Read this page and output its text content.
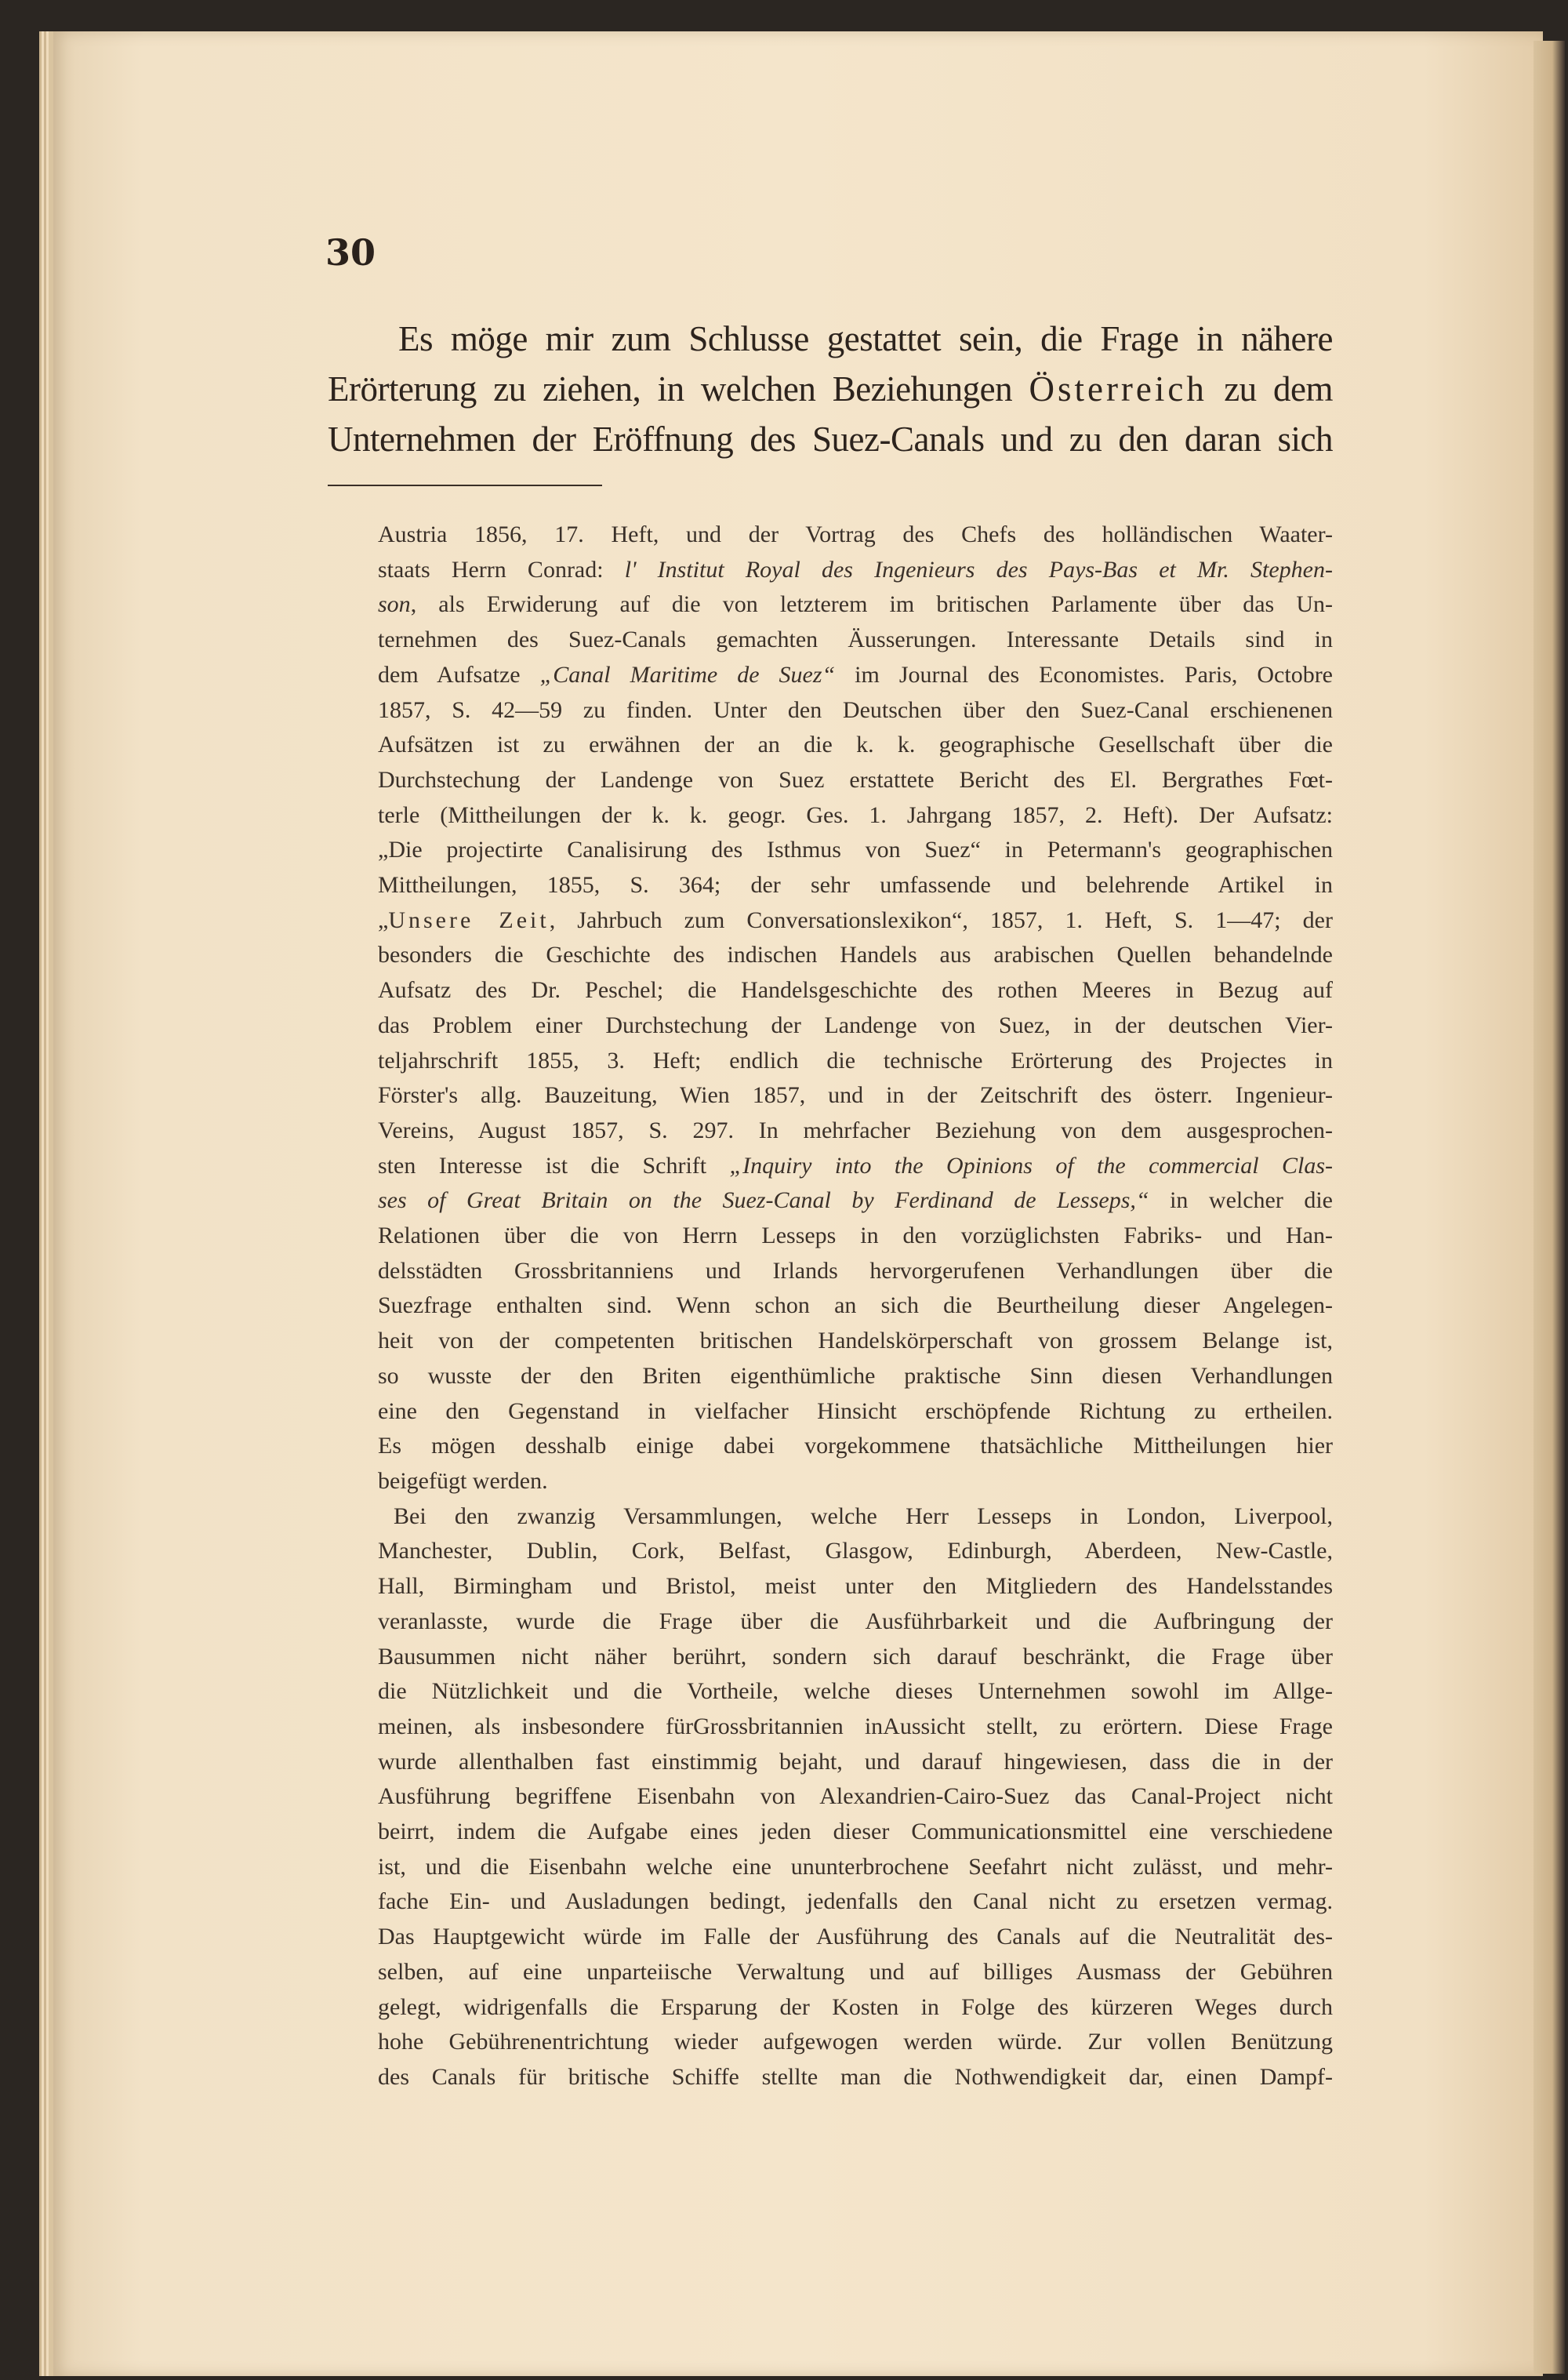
30
Es möge mir zum Schlusse gestattet sein, die Frage in nähere
Erörterung zu ziehen, in welchen Beziehungen Österreich zu dem
Unternehmen der Eröffnung des Suez-Canals und zu den daran sich
Austria 1856, 17. Heft, und der Vortrag des Chefs des holländischen Waater-
staats Herrn Conrad: l' Institut Royal des Ingenieurs des Pays-Bas et Mr. Stephen-
son, als Erwiderung auf die von letzterem im britischen Parlamente über das Un-
ternehmen des Suez-Canals gemachten Äusserungen. Interessante Details sind in
dem Aufsatze „Canal Maritime de Suez“ im Journal des Economistes. Paris, Octobre
1857, S. 42—59 zu finden. Unter den Deutschen über den Suez-Canal erschienenen
Aufsätzen ist zu erwähnen der an die k. k. geographische Gesellschaft über die
Durchstechung der Landenge von Suez erstattete Bericht des El. Bergrathes Fœt-
terle (Mittheilungen der k. k. geogr. Ges. 1. Jahrgang 1857, 2. Heft). Der Aufsatz:
„Die projectirte Canalisirung des Isthmus von Suez“ in Petermann's geographischen
Mittheilungen, 1855, S. 364; der sehr umfassende und belehrende Artikel in
„Unsere Zeit, Jahrbuch zum Conversationslexikon“, 1857, 1. Heft, S. 1—47; der
besonders die Geschichte des indischen Handels aus arabischen Quellen behandelnde
Aufsatz des Dr. Peschel; die Handelsgeschichte des rothen Meeres in Bezug auf
das Problem einer Durchstechung der Landenge von Suez, in der deutschen Vier-
teljahrschrift 1855, 3. Heft; endlich die technische Erörterung des Projectes in
Förster's allg. Bauzeitung, Wien 1857, und in der Zeitschrift des österr. Ingenieur-
Vereins, August 1857, S. 297. In mehrfacher Beziehung von dem ausgesprochen-
sten Interesse ist die Schrift „Inquiry into the Opinions of the commercial Clas-
ses of Great Britain on the Suez-Canal by Ferdinand de Lesseps,“ in welcher die
Relationen über die von Herrn Lesseps in den vorzüglichsten Fabriks- und Han-
delsstädten Grossbritanniens und Irlands hervorgerufenen Verhandlungen über die
Suezfrage enthalten sind. Wenn schon an sich die Beurtheilung dieser Angelegen-
heit von der competenten britischen Handelskörperschaft von grossem Belange ist,
so wusste der den Briten eigenthümliche praktische Sinn diesen Verhandlungen
eine den Gegenstand in vielfacher Hinsicht erschöpfende Richtung zu ertheilen.
Es mögen desshalb einige dabei vorgekommene thatsächliche Mittheilungen hier
beigefügt werden.
Bei den zwanzig Versammlungen, welche Herr Lesseps in London, Liverpool,
Manchester, Dublin, Cork, Belfast, Glasgow, Edinburgh, Aberdeen, New-Castle,
Hall, Birmingham und Bristol, meist unter den Mitgliedern des Handelsstandes
veranlasste, wurde die Frage über die Ausführbarkeit und die Aufbringung der
Bausummen nicht näher berührt, sondern sich darauf beschränkt, die Frage über
die Nützlichkeit und die Vortheile, welche dieses Unternehmen sowohl im Allge-
meinen, als insbesondere fürGrossbritannien inAussicht stellt, zu erörtern. Diese Frage
wurde allenthalben fast einstimmig bejaht, und darauf hingewiesen, dass die in der
Ausführung begriffene Eisenbahn von Alexandrien-Cairo-Suez das Canal-Project nicht
beirrt, indem die Aufgabe eines jeden dieser Communicationsmittel eine verschiedene
ist, und die Eisenbahn welche eine ununterbrochene Seefahrt nicht zulässt, und mehr-
fache Ein- und Ausladungen bedingt, jedenfalls den Canal nicht zu ersetzen vermag.
Das Hauptgewicht würde im Falle der Ausführung des Canals auf die Neutralität des-
selben, auf eine unparteiische Verwaltung und auf billiges Ausmass der Gebühren
gelegt, widrigenfalls die Ersparung der Kosten in Folge des kürzeren Weges durch
hohe Gebührenentrichtung wieder aufgewogen werden würde. Zur vollen Benützung
des Canals für britische Schiffe stellte man die Nothwendigkeit dar, einen Dampf-
